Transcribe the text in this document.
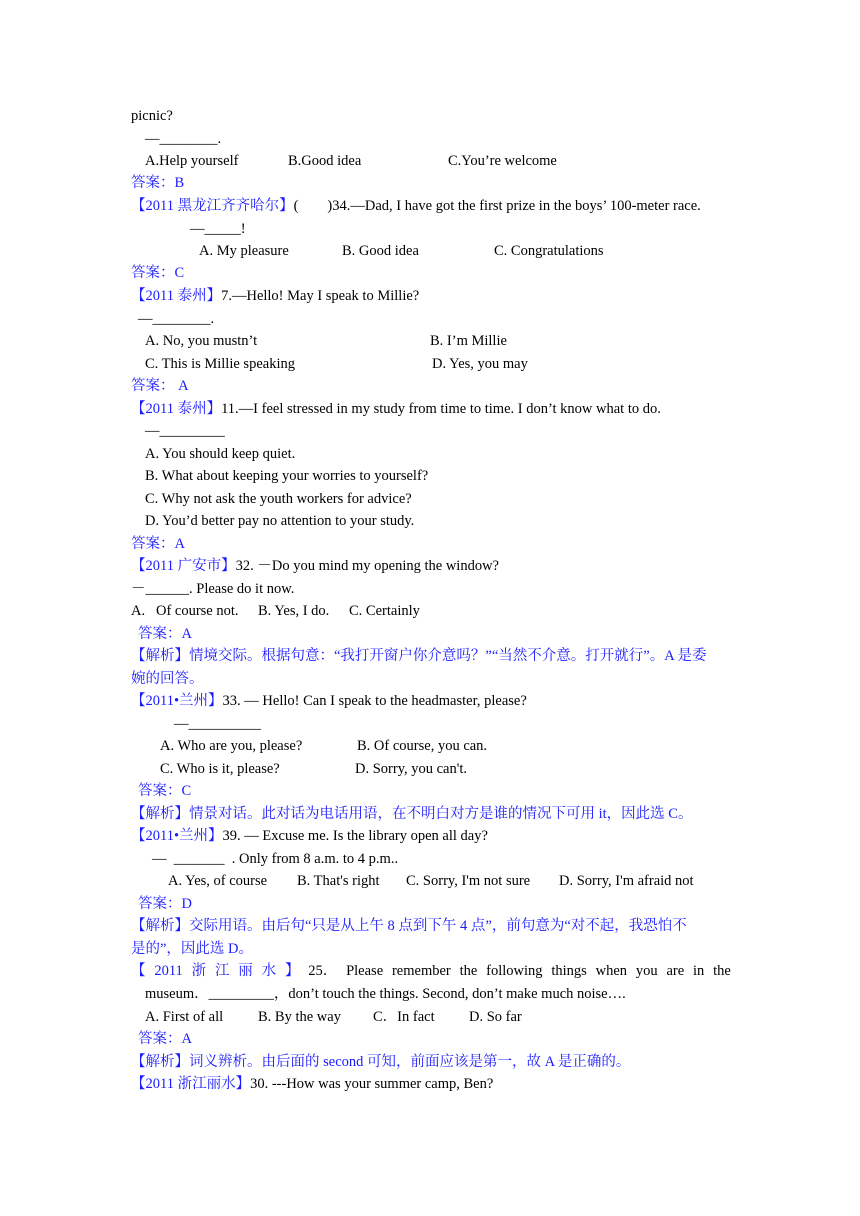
picnic?
—________.
A.Help yourself	B.Good idea	C.You’re welcome
答案：B
【2011 黑龙江齐齐哈尔】(　　)34.—Dad, I have got the first prize in the boys’ 100-meter race.
—_____!
A. My pleasure	B. Good idea	C. Congratulations
答案：C
【2011 泰州】7.—Hello! May I speak to Millie?
—________.
A. No, you mustn’t	B. I’m Millie
C. This is Millie speaking	D. Yes, you may
答案： A
【2011 泰州】11.—I feel stressed in my study from time to time. I don’t know what to do.
—_________
A. You should keep quiet.
B. What about keeping your worries to yourself?
C. Why not ask the youth workers for advice?
D. You’d better pay no attention to your study.
答案：A
【2011 广安市】32. －Do you mind my opening the window?
－______. Please do it now.
A.   Of course not. B. Yes, I do. C. Certainly
答案：A
【解析】情境交际。根据句意：“我打开窗户你介意吗？”“当然不介意。打开就行”。A 是委
婉的回答。
【2011•兰州】33. — Hello! Can I speak to the headmaster, please?
—__________
A. Who are you, please?	B. Of course, you can.
C. Who is it, please?	D. Sorry, you can't.
答案：C
【解析】情景对话。此对话为电话用语，在不明白对方是谁的情况下可用 it，因此选 C。
【2011•兰州】39. — Excuse me. Is the library open all day?
—  _______  . Only from 8 a.m. to 4 p.m..
A. Yes, of course B. That's right C. Sorry, I'm not sure D. Sorry, I'm afraid not
答案：D
【解析】交际用语。由后句“只是从上午 8 点到下午 4 点”，前句意为“对不起，我恐怕不
是的”，因此选 D。
【 2011 浙 江 丽 水 】 25． Please remember the following things when you are in the
museum．_________，don’t touch the things. Second, don’t make much noise….
A. First of all B. By the way C．In fact D. So far
答案：A
【解析】词义辨析。由后面的 second 可知，前面应该是第一，故 A 是正确的。
【2011 浙江丽水】30. ---How was your summer camp, Ben?
